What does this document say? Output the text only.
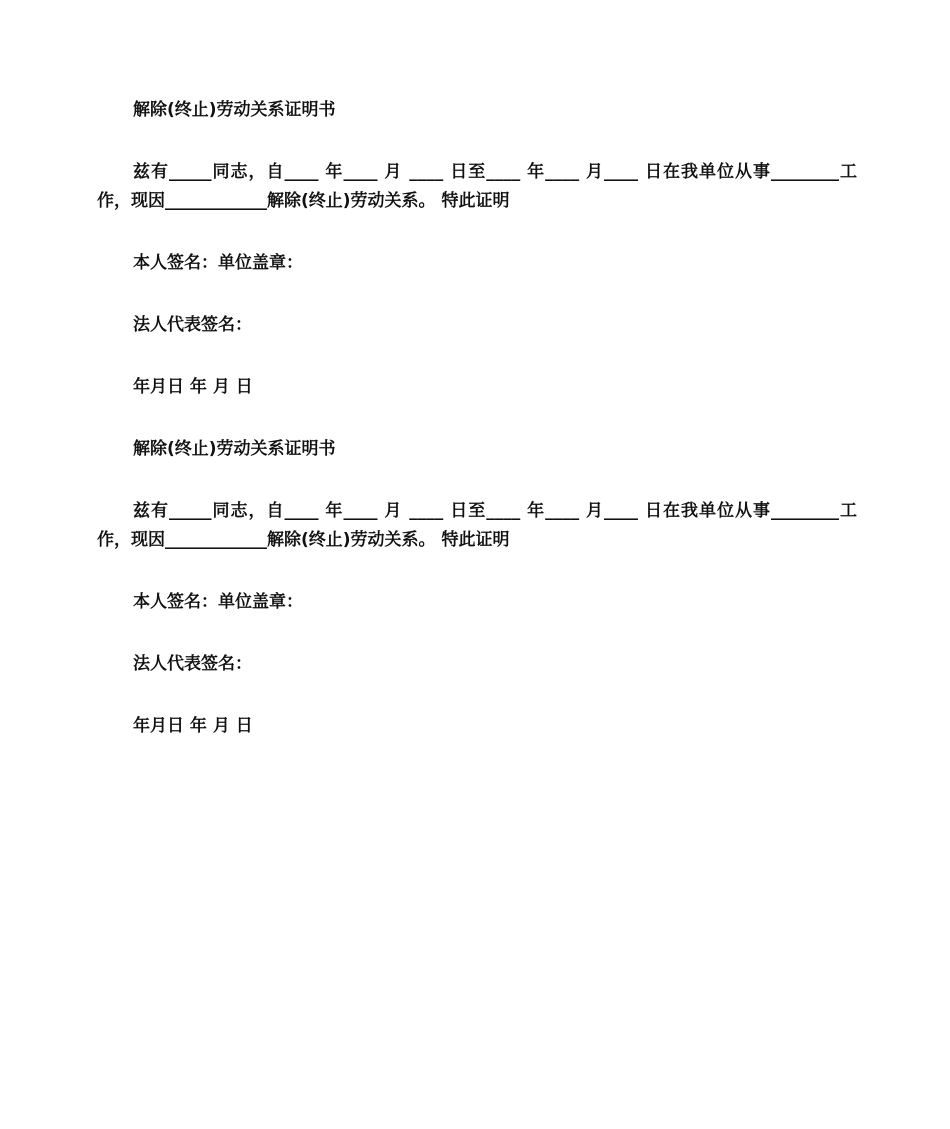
解除(终止)劳动关系证明书
兹有_____同志，自____ 年____ 月 ____ 日至____ 年____ 月____ 日在我单位从事________工作，现因____________解除(终止)劳动关系。 特此证明
本人签名：单位盖章：
法人代表签名：
年月日 年 月 日
解除(终止)劳动关系证明书
兹有_____同志，自____ 年____ 月 ____ 日至____ 年____ 月____ 日在我单位从事________工作，现因____________解除(终止)劳动关系。 特此证明
本人签名：单位盖章：
法人代表签名：
年月日 年 月 日
